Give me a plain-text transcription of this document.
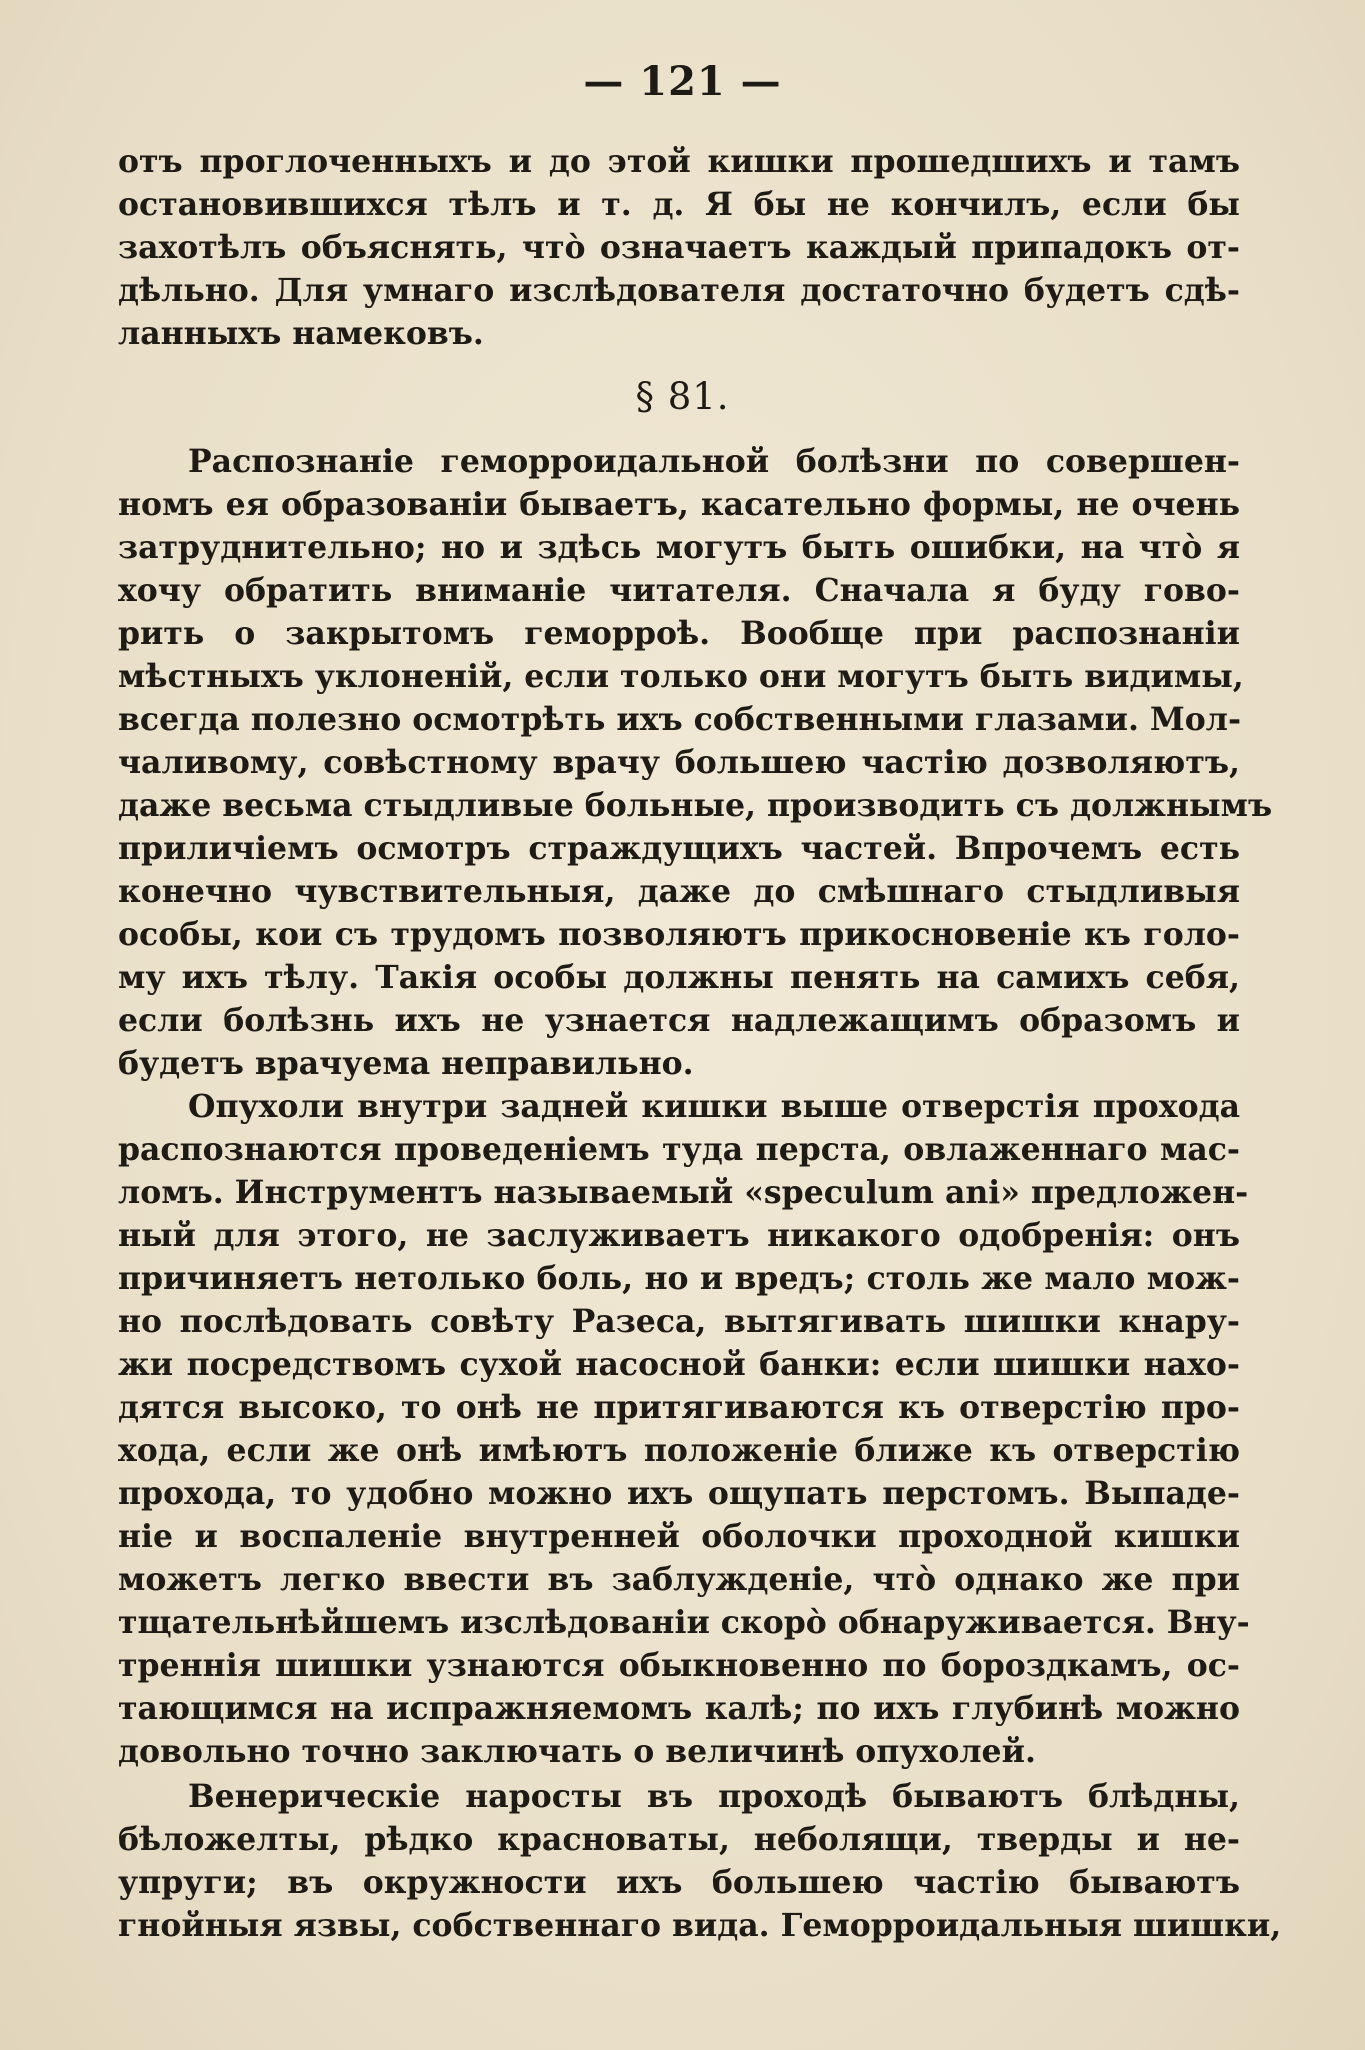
— 121 —
отъ проглоченныхъ и до этой кишки прошедшихъ и тамъ
остановившихся тѣлъ и т. д. Я бы не кончилъ, если бы
захотѣлъ объяснять, что̀ означаетъ каждый припадокъ от-
дѣльно. Для умнаго изслѣдователя достаточно будетъ сдѣ-
ланныхъ намековъ.
§ 81.
Распознаніе геморроидальной болѣзни по совершен-
номъ ея образованіи бываетъ, касательно формы, не очень
затруднительно; но и здѣсь могутъ быть ошибки, на что̀ я
хочу обратить вниманіе читателя. Сначала я буду гово-
рить о закрытомъ геморроѣ. Вообще при распознаніи
мѣстныхъ уклоненій, если только они могутъ быть видимы,
всегда полезно осмотрѣть ихъ собственными глазами. Мол-
чаливому, совѣстному врачу большею частію дозволяютъ,
даже весьма стыдливые больные, производить съ должнымъ
приличіемъ осмотръ страждущихъ частей. Впрочемъ есть
конечно чувствительныя, даже до смѣшнаго стыдливыя
особы, кои съ трудомъ позволяютъ прикосновеніе къ голо-
му ихъ тѣлу. Такія особы должны пенять на самихъ себя,
если болѣзнь ихъ не узнается надлежащимъ образомъ и
будетъ врачуема неправильно.
Опухоли внутри задней кишки выше отверстія прохода
распознаются проведеніемъ туда перста, овлаженнаго мас-
ломъ. Инструментъ называемый «speculum ani» предложен-
ный для этого, не заслуживаетъ никакого одобренія: онъ
причиняетъ нетолько боль, но и вредъ; столь же мало мож-
но послѣдовать совѣту Разеса, вытягивать шишки кнару-
жи посредствомъ сухой насосной банки: если шишки нахо-
дятся высоко, то онѣ не притягиваются къ отверстію про-
хода, если же онѣ имѣютъ положеніе ближе къ отверстію
прохода, то удобно можно ихъ ощупать перстомъ. Выпаде-
ніе и воспаленіе внутренней оболочки проходной кишки
можетъ легко ввести въ заблужденіе, что̀ однако же при
тщательнѣйшемъ изслѣдованіи скоро̀ обнаруживается. Вну-
треннія шишки узнаются обыкновенно по бороздкамъ, ос-
тающимся на испражняемомъ калѣ; по ихъ глубинѣ можно
довольно точно заключать о величинѣ опухолей.
Венерическіе наросты въ проходѣ бываютъ блѣдны,
бѣложелты, рѣдко красноваты, неболящи, тверды и не-
упруги; въ окружности ихъ большею частію бываютъ
гнойныя язвы, собственнаго вида. Геморроидальныя шишки,
